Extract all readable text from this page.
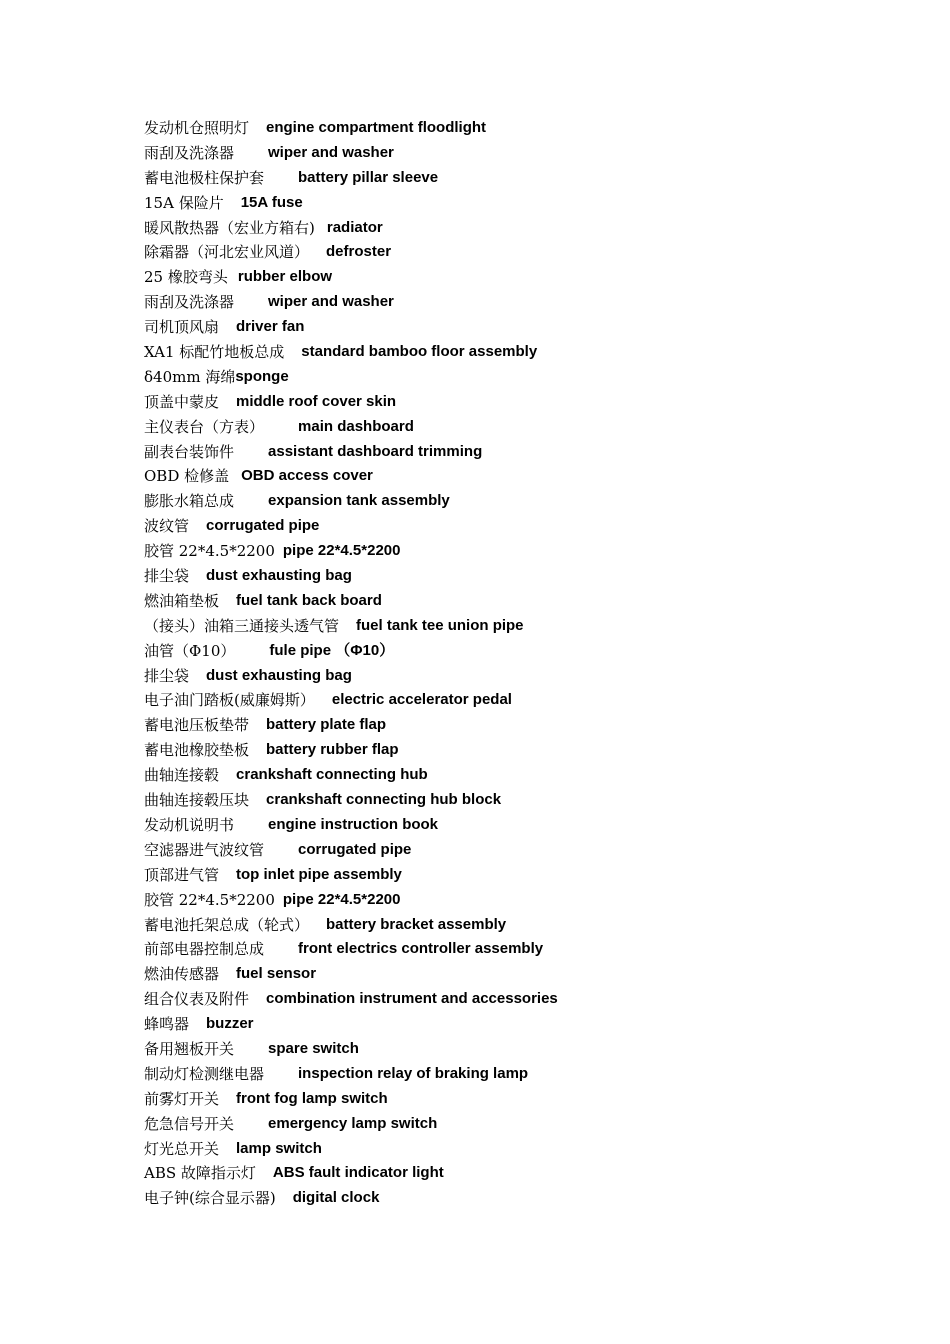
发动机仓照明灯 engine compartment floodlight
雨刮及洗涤器 wiper and washer
蓄电池极柱保护套 battery pillar sleeve
15A 保险片 15A fuse
暖风散热器（宏业方箱右) radiator
除霜器（河北宏业风道） defroster
25 橡胶弯头 rubber elbow
雨刮及洗涤器 wiper and washer
司机顶风扇 driver fan
XA1 标配竹地板总成 standard bamboo floor assembly
δ40mm 海绵 sponge
顶盖中蒙皮 middle roof cover skin
主仪表台（方表） main dashboard
副表台装饰件 assistant dashboard trimming
OBD 检修盖 OBD access cover
膨胀水箱总成 expansion tank assembly
波纹管 corrugated pipe
胶管 22*4.5*2200 pipe 22*4.5*2200
排尘袋 dust exhausting bag
燃油箱垫板 fuel tank back board
（接头）油箱三通接头透气管 fuel tank tee union pipe
油管（Φ10） fule pipe （Φ10）
排尘袋 dust exhausting bag
电子油门踏板(威廉姆斯） electric accelerator pedal
蓄电池压板垫带 battery plate flap
蓄电池橡胶垫板 battery rubber flap
曲轴连接毂 crankshaft connecting hub
曲轴连接毂压块 crankshaft connecting hub block
发动机说明书 engine instruction book
空滤器进气波纹管 corrugated pipe
顶部进气管 top inlet pipe assembly
胶管 22*4.5*2200 pipe 22*4.5*2200
蓄电池托架总成（轮式） battery bracket assembly
前部电器控制总成 front electrics controller assembly
燃油传感器 fuel sensor
组合仪表及附件 combination instrument and accessories
蜂鸣器 buzzer
备用翘板开关 spare switch
制动灯检测继电器 inspection relay of braking lamp
前雾灯开关 front fog lamp switch
危急信号开关 emergency lamp switch
灯光总开关 lamp switch
ABS 故障指示灯 ABS fault indicator light
电子钟(综合显示器) digital clock
